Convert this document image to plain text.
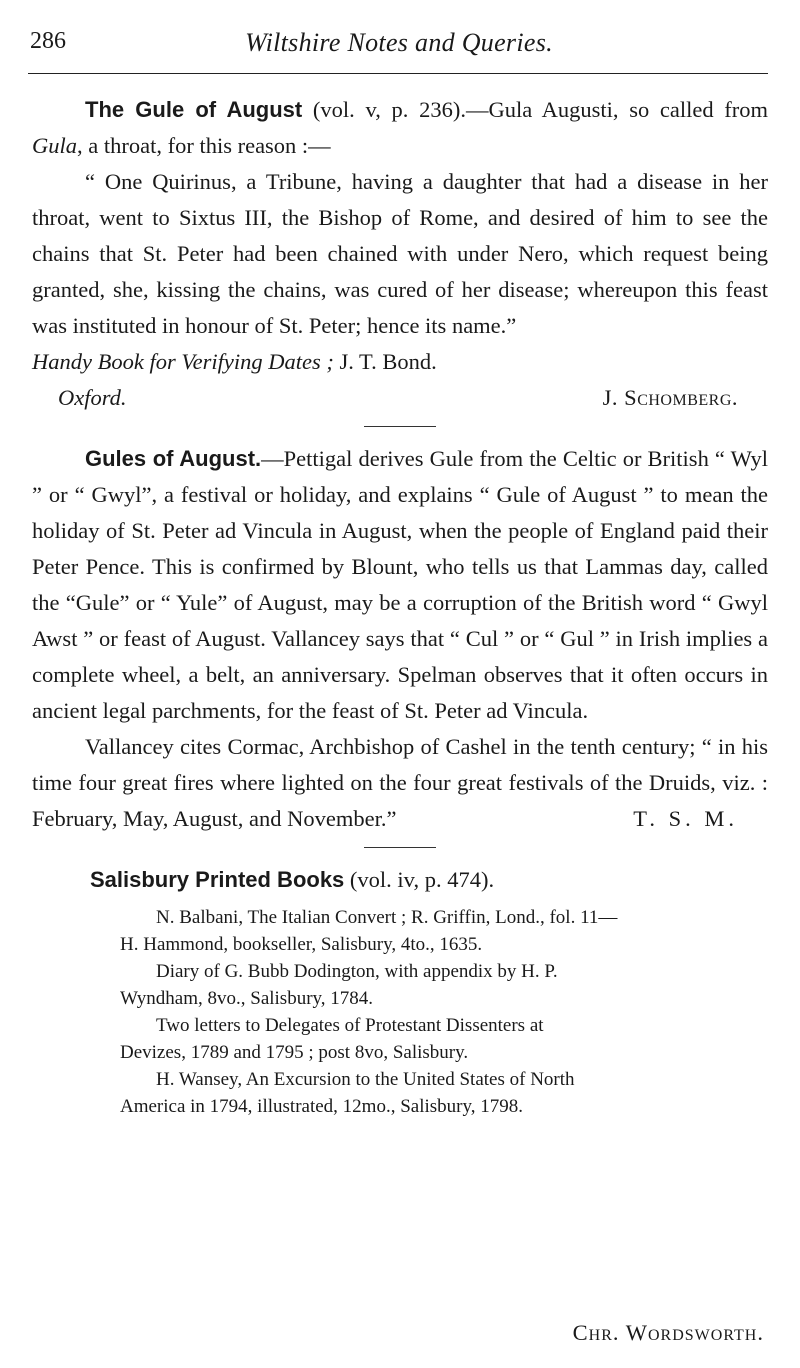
286	Wiltshire Notes and Queries.

The Gule of August (vol. v, p. 236).—Gula Augusti, so called from Gula, a throat, for this reason :—

“ One Quirinus, a Tribune, having a daughter that had a disease in her throat, went to Sixtus III, the Bishop of Rome, and desired of him to see the chains that St. Peter had been chained with under Nero, which request being granted, she, kissing the chains, was cured of her disease; whereupon this feast was instituted in honour of St. Peter; hence its name.”

Handy Book for Verifying Dates ; J. T. Bond.

Oxford.	J. Schomberg.

Gules of August.—Pettigal derives Gule from the Celtic or British “ Wyl ” or “ Gwyl”, a festival or holiday, and explains “ Gule of August ” to mean the holiday of St. Peter ad Vincula in August, when the people of England paid their Peter Pence. This is confirmed by Blount, who tells us that Lammas day, called the “Gule” or “ Yule” of August, may be a corruption of the British word “ Gwyl Awst ” or feast of August. Vallancey says that “ Cul ” or “ Gul ” in Irish implies a complete wheel, a belt, an anniversary. Spelman observes that it often occurs in ancient legal parchments, for the feast of St. Peter ad Vincula.

Vallancey cites Cormac, Archbishop of Cashel in the tenth century; “ in his time four great fires where lighted on the four great festivals of the Druids, viz. : February, May, August, and November.”	T. S. M.

Salisbury Printed Books (vol. iv, p. 474).

N. Balbani, The Italian Convert ; R. Griffin, Lond., fol. 11—
H. Hammond, bookseller, Salisbury, 4to., 1635.
Diary of G. Bubb Dodington, with appendix by H. P.
Wyndham, 8vo., Salisbury, 1784.
Two letters to Delegates of Protestant Dissenters at
Devizes, 1789 and 1795 ; post 8vo, Salisbury.
H. Wansey, An Excursion to the United States of North
America in 1794, illustrated, 12mo., Salisbury, 1798.
Chr. Wordsworth.
